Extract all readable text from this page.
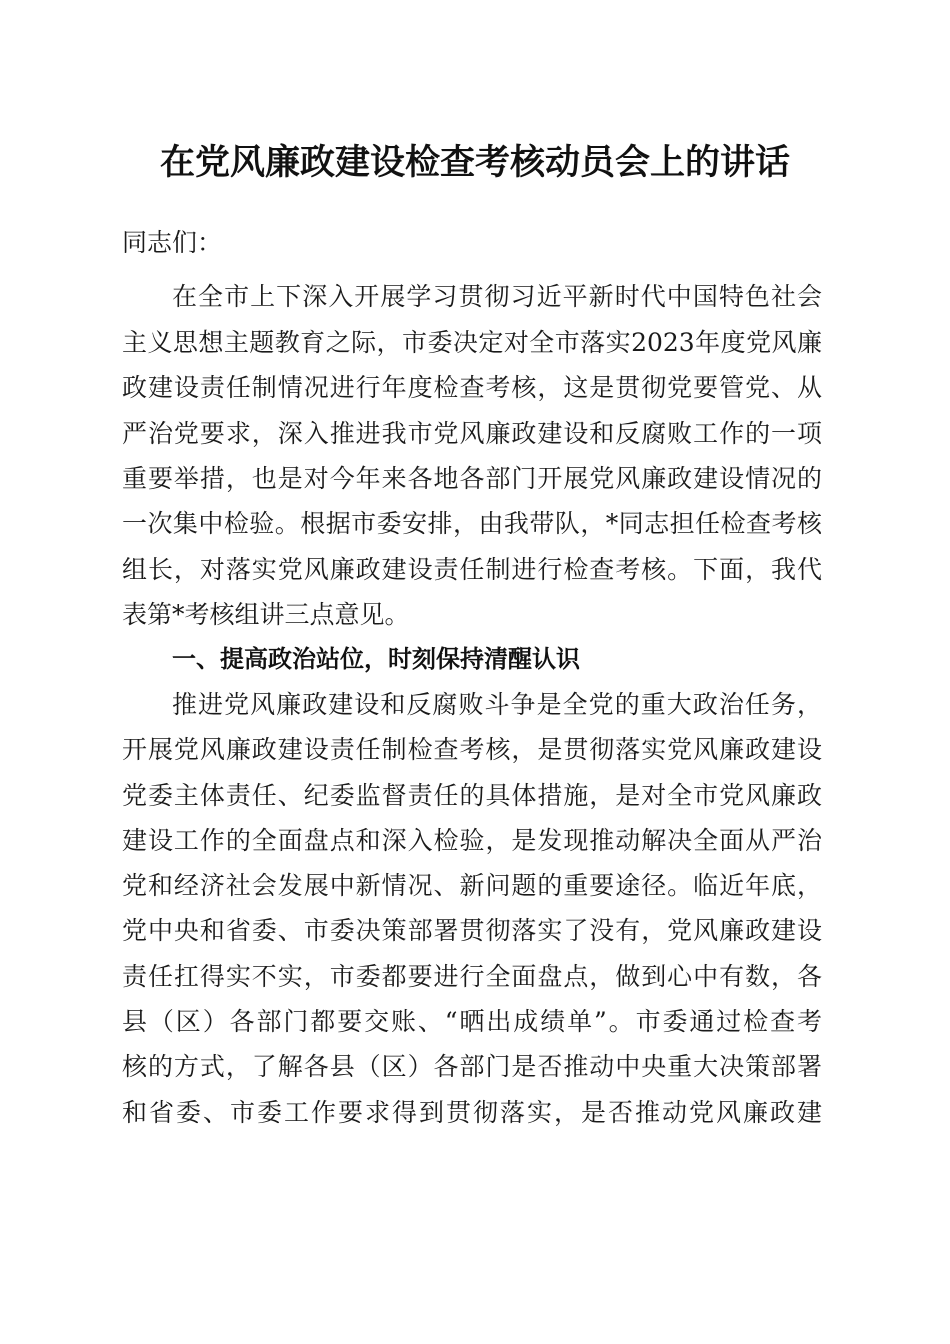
在党风廉政建设检查考核动员会上的讲话
同志们：
在全市上下深入开展学习贯彻习近平新时代中国特色社会
主义思想主题教育之际，市委决定对全市落实2023年度党风廉
政建设责任制情况进行年度检查考核，这是贯彻党要管党、从
严治党要求，深入推进我市党风廉政建设和反腐败工作的一项
重要举措，也是对今年来各地各部门开展党风廉政建设情况的
一次集中检验。根据市委安排，由我带队，*同志担任检查考核
组长，对落实党风廉政建设责任制进行检查考核。下面，我代
表第*考核组讲三点意见。
一、提高政治站位，时刻保持清醒认识
推进党风廉政建设和反腐败斗争是全党的重大政治任务，
开展党风廉政建设责任制检查考核，是贯彻落实党风廉政建设
党委主体责任、纪委监督责任的具体措施，是对全市党风廉政
建设工作的全面盘点和深入检验，是发现推动解决全面从严治
党和经济社会发展中新情况、新问题的重要途径。临近年底，
党中央和省委、市委决策部署贯彻落实了没有，党风廉政建设
责任扛得实不实，市委都要进行全面盘点，做到心中有数，各
县（区）各部门都要交账、“晒出成绩单”。市委通过检查考
核的方式，了解各县（区）各部门是否推动中央重大决策部署
和省委、市委工作要求得到贯彻落实，是否推动党风廉政建
